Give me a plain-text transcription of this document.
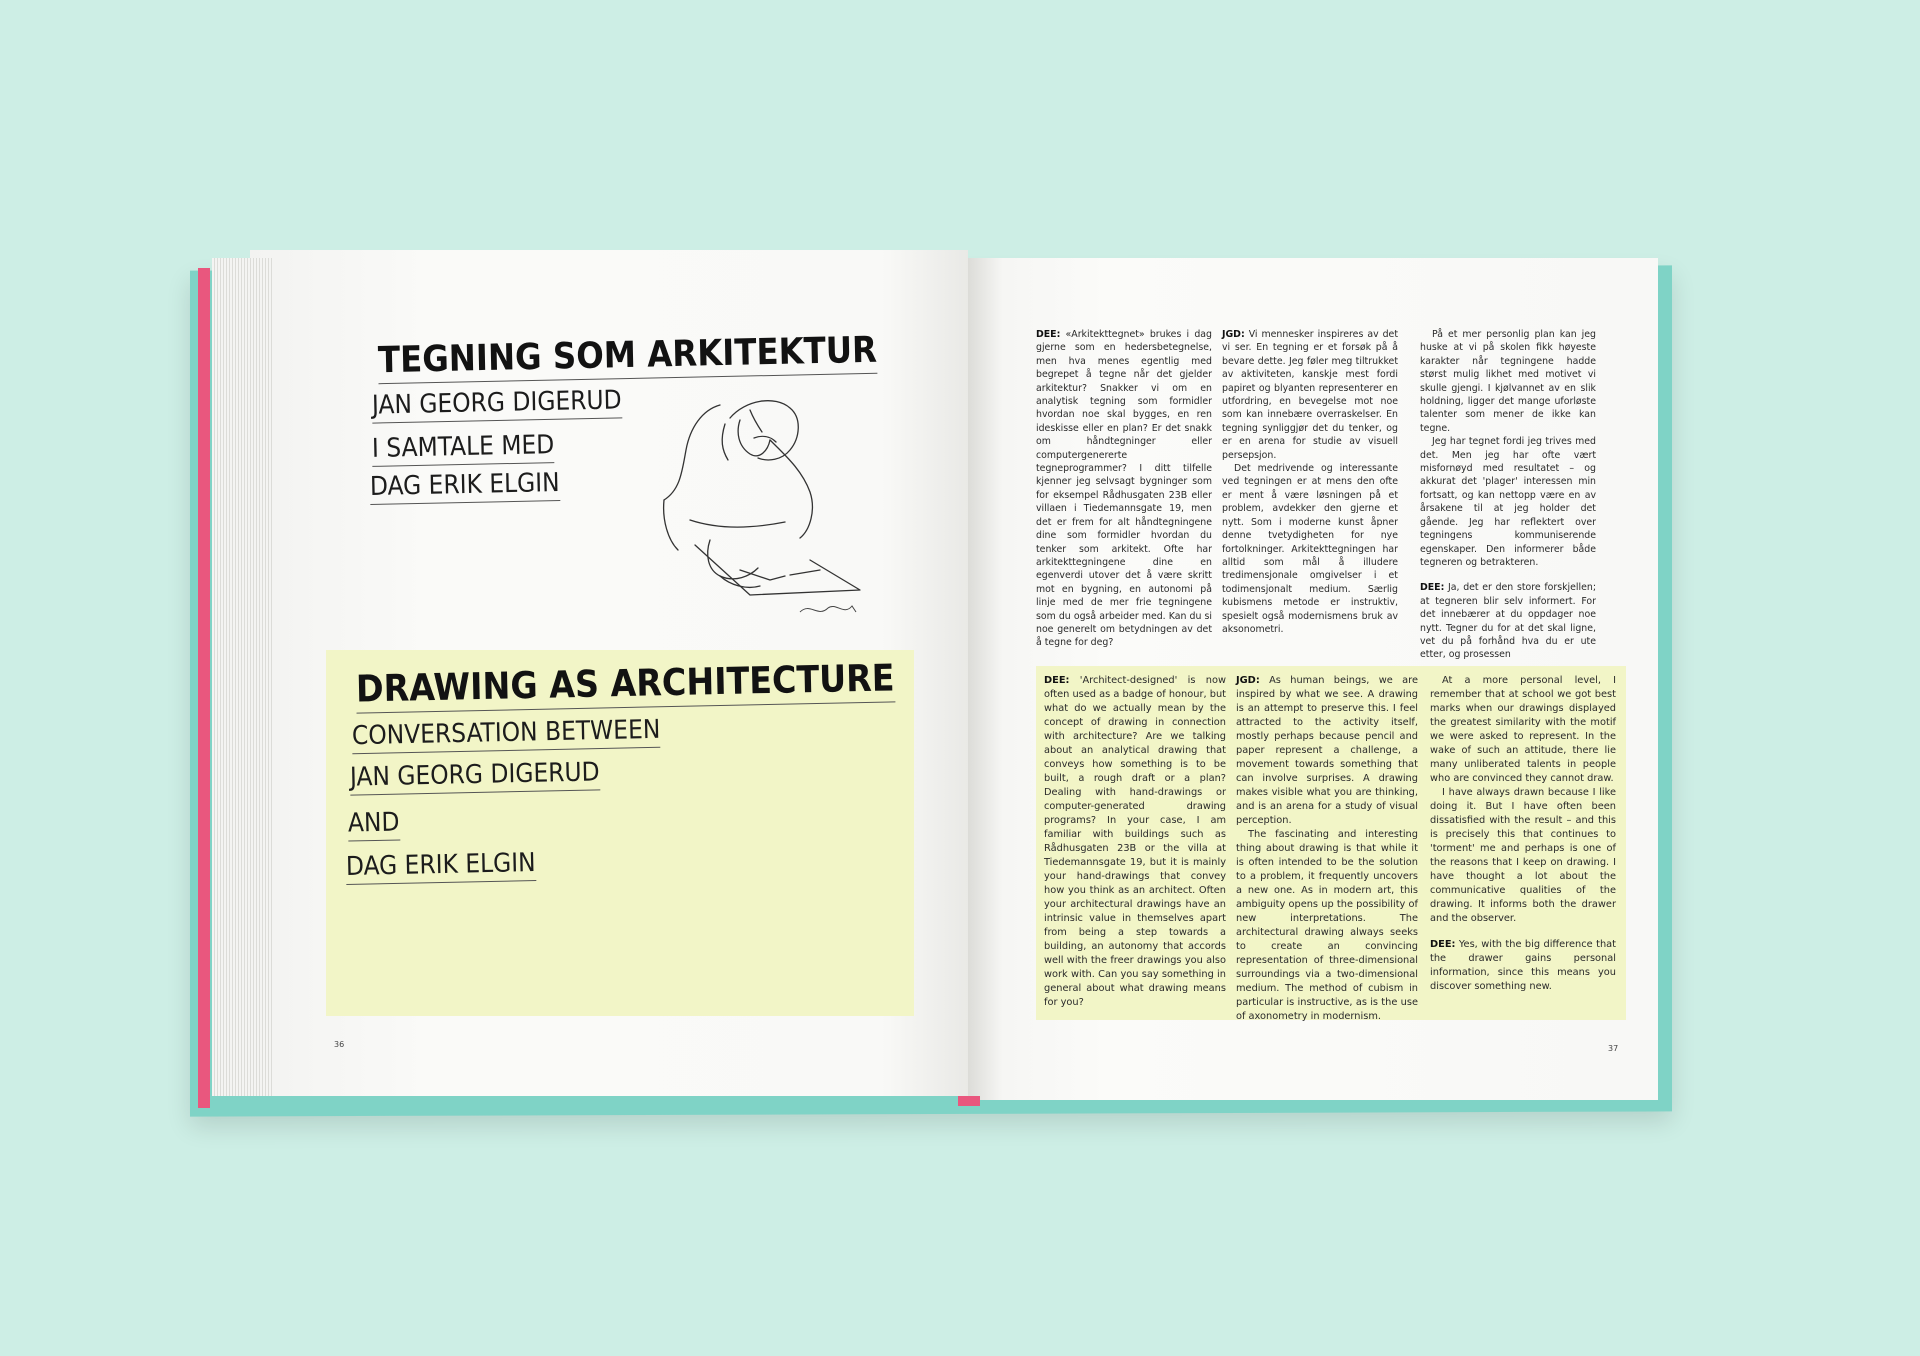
TEGNING SOM ARKITEKTUR
JAN GEORG DIGERUD
I SAMTALE MED
DAG ERIK ELGIN
DRAWING AS ARCHITECTURE
CONVERSATION BETWEEN
JAN GEORG DIGERUD
AND
DAG ERIK ELGIN
36

DEE: «Arkitekttegnet» brukes i dag gjerne som en hedersbetegnelse, men hva menes egentlig med begrepet å tegne når det gjelder arkitektur? Snakker vi om en analytisk tegning som formidler hvordan noe skal bygges, en ren ideskisse eller en plan? Er det snakk om håndtegninger eller computergenererte tegneprogrammer? I ditt tilfelle kjenner jeg selvsagt bygninger som for eksempel Rådhusgaten 23B eller villaen i Tiedemannsgate 19, men det er frem for alt håndtegningene dine som formidler hvordan du tenker som arkitekt. Ofte har arkitekttegningene dine en egenverdi utover det å være skritt mot en bygning, en autonomi på linje med de mer frie tegningene som du også arbeider med. Kan du si noe generelt om betydningen av det å tegne for deg?

JGD: Vi mennesker inspireres av det vi ser. En tegning er et forsøk på å bevare dette. Jeg føler meg tiltrukket av aktiviteten, kanskje mest fordi papiret og blyanten representerer en utfordring, en bevegelse mot noe som kan innebære overraskelser. En tegning synliggjør det du tenker, og er en arena for studie av visuell persepsjon.

Det medrivende og interessante ved tegningen er at mens den ofte er ment å være løsningen på et problem, avdekker den gjerne et nytt. Som i moderne kunst åpner denne tvetydigheten for nye fortolkninger. Arkitekttegningen har alltid som mål å illudere tredimensjonale omgivelser i et todimensjonalt medium. Særlig kubismens metode er instruktiv, spesielt også modernismens bruk av aksonometri.

På et mer personlig plan kan jeg huske at vi på skolen fikk høyeste karakter når tegningene hadde størst mulig likhet med motivet vi skulle gjengi. I kjølvannet av en slik holdning, ligger det mange uforløste talenter som mener de ikke kan tegne.

Jeg har tegnet fordi jeg trives med det. Men jeg har ofte vært misfornøyd med resultatet – og akkurat det 'plager' interessen min fortsatt, og kan nettopp være en av årsakene til at jeg holder det gående. Jeg har reflektert over tegningens kommuniserende egenskaper. Den informerer både tegneren og betrakteren.

DEE: Ja, det er den store forskjellen; at tegneren blir selv informert. For det innebærer at du oppdager noe nytt. Tegner du for at det skal ligne, vet du på forhånd hva du er ute etter, og prosessen

DEE: 'Architect-designed' is now often used as a badge of honour, but what do we actually mean by the concept of drawing in connection with architecture? Are we talking about an analytical drawing that conveys how something is to be built, a rough draft or a plan? Dealing with hand-drawings or computer-generated drawing programs? In your case, I am familiar with buildings such as Rådhusgaten 23B or the villa at Tiedemannsgate 19, but it is mainly your hand-drawings that convey how you think as an architect. Often your architectural drawings have an intrinsic value in themselves apart from being a step towards a building, an autonomy that accords well with the freer drawings you also work with. Can you say something in general about what drawing means for you?

JGD: As human beings, we are inspired by what we see. A drawing is an attempt to preserve this. I feel attracted to the activity itself, mostly perhaps because pencil and paper represent a challenge, a movement towards something that can involve surprises. A drawing makes visible what you are thinking, and is an arena for a study of visual perception.

The fascinating and interesting thing about drawing is that while it is often intended to be the solution to a problem, it frequently uncovers a new one. As in modern art, this ambiguity opens up the possibility of new interpretations. The architectural drawing always seeks to create an convincing representation of three-dimensional surroundings via a two-dimensional medium. The method of cubism in particular is instructive, as is the use of axonometry in modernism.

At a more personal level, I remember that at school we got best marks when our drawings displayed the greatest similarity with the motif we were asked to represent. In the wake of such an attitude, there lie many unliberated talents in people who are convinced they cannot draw.

I have always drawn because I like doing it. But I have often been dissatisfied with the result – and this is precisely this that continues to 'torment' me and perhaps is one of the reasons that I keep on drawing. I have thought a lot about the communicative qualities of the drawing. It informs both the drawer and the observer.

DEE: Yes, with the big difference that the drawer gains personal information, since this means you discover something new.

37
